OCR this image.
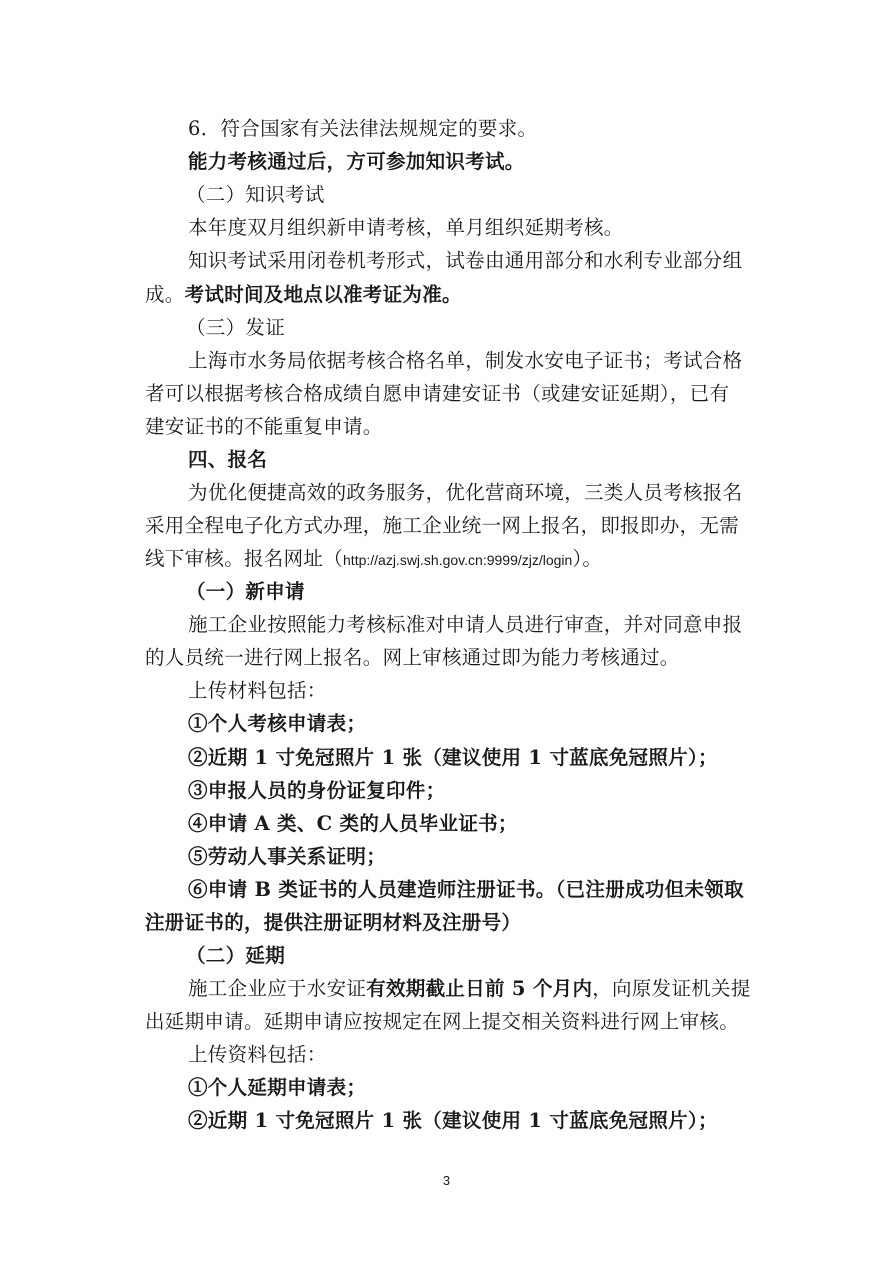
6．符合国家有关法律法规规定的要求。
能力考核通过后，方可参加知识考试。
（二）知识考试
本年度双月组织新申请考核，单月组织延期考核。
知识考试采用闭卷机考形式，试卷由通用部分和水利专业部分组
成。考试时间及地点以准考证为准。
（三）发证
上海市水务局依据考核合格名单，制发水安电子证书；考试合格
者可以根据考核合格成绩自愿申请建安证书（或建安证延期），已有
建安证书的不能重复申请。
四、报名
为优化便捷高效的政务服务，优化营商环境，三类人员考核报名
采用全程电子化方式办理，施工企业统一网上报名，即报即办，无需
线下审核。报名网址（http://azj.swj.sh.gov.cn:9999/zjz/login）。
（一）新申请
施工企业按照能力考核标准对申请人员进行审查，并对同意申报
的人员统一进行网上报名。网上审核通过即为能力考核通过。
上传材料包括：
①个人考核申请表；
②近期 1 寸免冠照片 1 张（建议使用 1 寸蓝底免冠照片）；
③申报人员的身份证复印件；
④申请 A 类、C 类的人员毕业证书；
⑤劳动人事关系证明；
⑥申请 B 类证书的人员建造师注册证书。（已注册成功但未领取
注册证书的，提供注册证明材料及注册号）
（二）延期
施工企业应于水安证有效期截止日前 5 个月内，向原发证机关提
出延期申请。延期申请应按规定在网上提交相关资料进行网上审核。
上传资料包括：
①个人延期申请表；
②近期 1 寸免冠照片 1 张（建议使用 1 寸蓝底免冠照片）；
3
